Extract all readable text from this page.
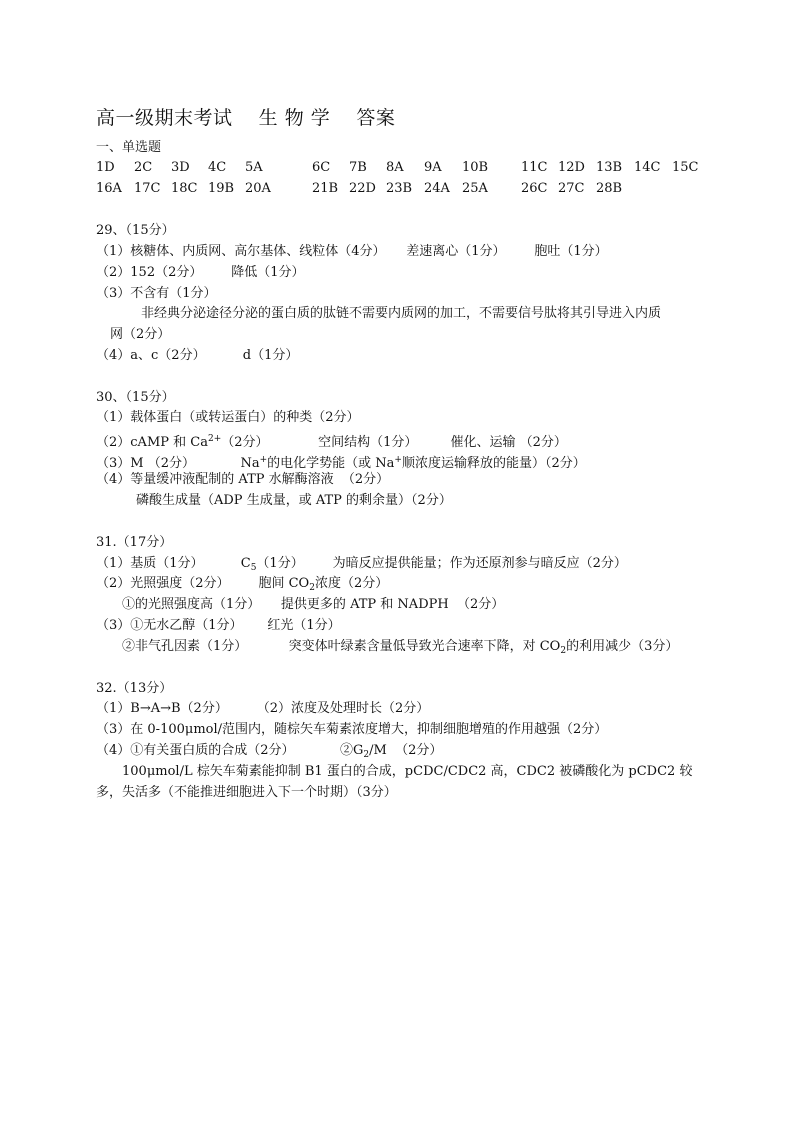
高一级期末考试    生 物 学    答案
一、单选题
1D 2C 3D 4C 5A	6C 7B 8A 9A 10B	11C 12D 13B 14C 15C
16A 17C 18C 19B 20A	21B 22D 23B 24A 25A	26C 27C 28B
29、（15分）
（1）核糖体、内质网、高尔基体、线粒体（4分）     差速离心（1分）       胞吐（1分）
（2）152（2分）       降低（1分）
（3）不含有（1分）
非经典分泌途径分泌的蛋白质的肽链不需要内质网的加工，不需要信号肽将其引导进入内质
网（2分）
（4）a、c（2分）         d（1分）
30、（15分）
（1）载体蛋白（或转运蛋白）的种类（2分）
（2）cAMP 和 $Ca^{2+}(2$分）            空间结构（1分）        催化、运输 （2分）
（3）M （2分）           Na+的电化学势能（或 Na+顺浓度运输释放的能量）（2分）
（4）等量缓冲液配制的 ATP 水解酶溶液  （2分）
磷酸生成量（ADP 生成量，或 ATP 的剩余量）（2分）
31.（17分）
（1）基质（1分）         $C_5(1$分）       为暗反应提供能量；作为还原剂参与暗反应（2分）
（2）光照强度（2分）       胞间 $CO_2$浓度（2分）
①的光照强度高（1分）     提供更多的 ATP 和 NADPH  （2分）
（3）①无水乙醇（1分）      红光（1分）
②非气孔因素（1分）          突变体叶绿素含量低导致光合速率下降，对 $CO_2$的利用减少（3分）
32.（13分）
（1）B→A→B（2分）       （2）浓度及处理时长（2分）
（3）在 0-100μmol/范围内，随棕矢车菊素浓度增大，抑制细胞增殖的作用越强（2分）
（4）①有关蛋白质的合成（2分）           $②G_2/M$  （2分）
100μmol/L 棕矢车菊素能抑制 B1 蛋白的合成，pCDC/CDC2 高，CDC2 被磷酸化为 pCDC2 较
多，失活多（不能推进细胞进入下一个时期）（3分）
